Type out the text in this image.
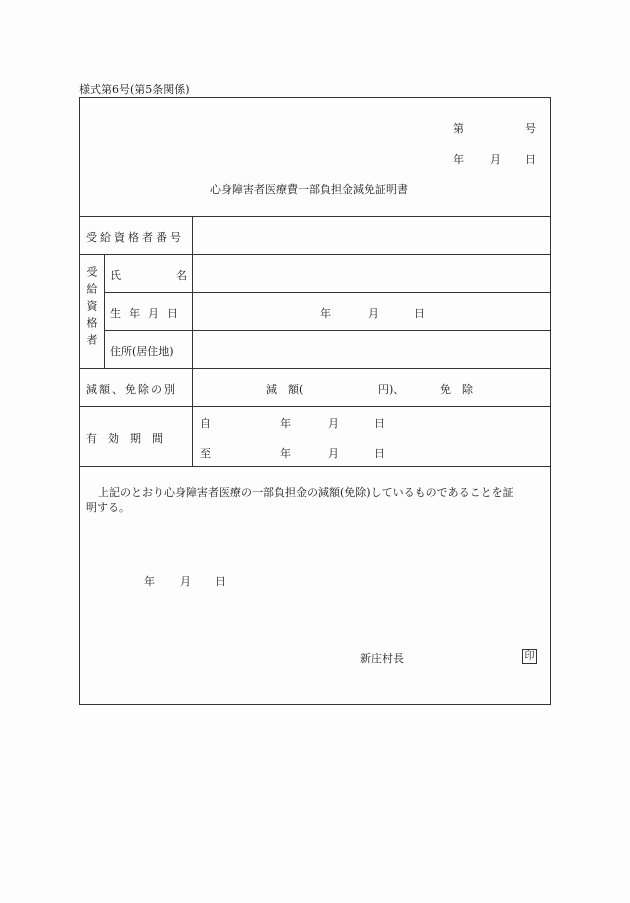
様式第6号(第5条関係)
第	号
年 月 日
心身障害者医療費一部負担金減免証明書
受給資格者番号
受給資格者 氏	名
生年月日	年	月	日
住所(居住地)
減額、免除の別	減　額(	円)、	免　除
有　効　期　間
自	年	月	日
至	年	月	日
上記のとおり心身障害者医療の一部負担金の減額(免除)しているものであることを証
明する。
年 月 日
新庄村長	印
